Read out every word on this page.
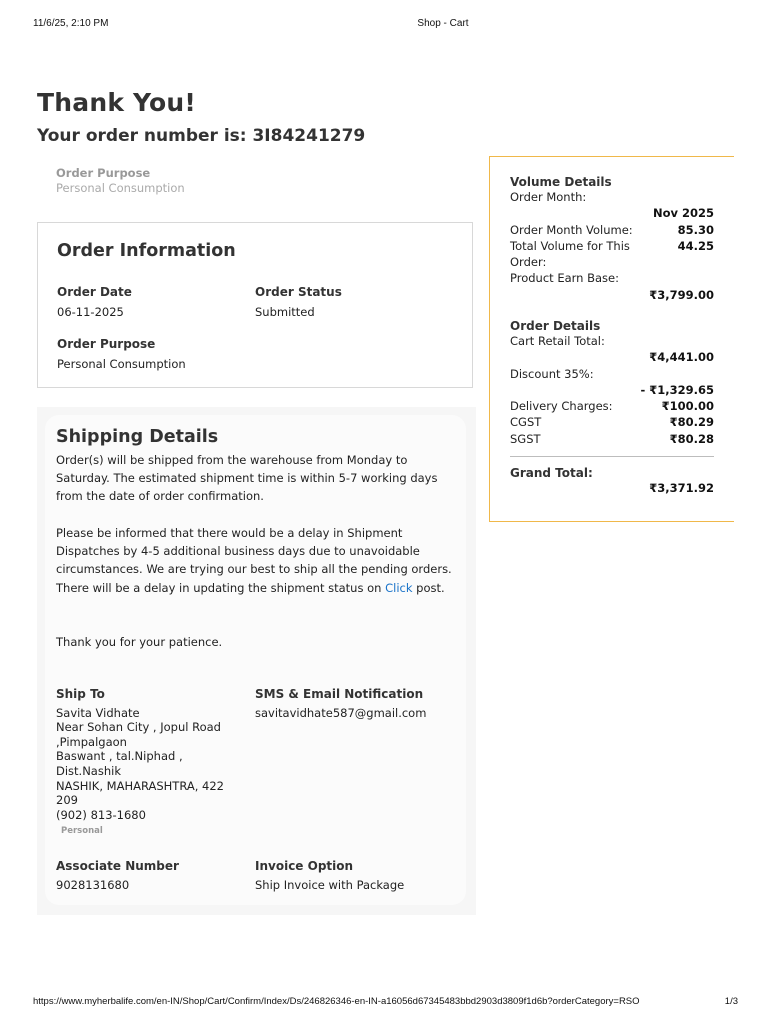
11/6/25, 2:10 PM	Shop - Cart
Thank You!
Your order number is: 3I84241279
Order Purpose
Personal Consumption
Order Information
Order Date
06-11-2025
Order Status
Submitted
Order Purpose
Personal Consumption
Shipping Details
Order(s) will be shipped from the warehouse from Monday to Saturday. The estimated shipment time is within 5-7 working days from the date of order confirmation.
Please be informed that there would be a delay in Shipment Dispatches by 4-5 additional business days due to unavoidable circumstances. We are trying our best to ship all the pending orders. There will be a delay in updating the shipment status on Click post.
Thank you for your patience.
Ship To
Savita Vidhate
Near Sohan City , Jopul Road
,Pimpalgaon
Baswant , tal.Niphad ,
Dist.Nashik
NASHIK, MAHARASHTRA, 422
209
(902) 813-1680
Personal
SMS & Email Notification
savitavidhate587@gmail.com
Associate Number
9028131680
Invoice Option
Ship Invoice with Package
Volume Details
Order Month:
Nov 2025
Order Month Volume:	85.30
Total Volume for This	44.25
Order:
Product Earn Base:
₹3,799.00
Order Details
Cart Retail Total:
₹4,441.00
Discount 35%:
- ₹1,329.65
Delivery Charges:	₹100.00
CGST	₹80.29
SGST	₹80.28
Grand Total:
₹3,371.92
https://www.myherbalife.com/en-IN/Shop/Cart/Confirm/Index/Ds/246826346-en-IN-a16056d67345483bbd2903d3809f1d6b?orderCategory=RSO	1/3
